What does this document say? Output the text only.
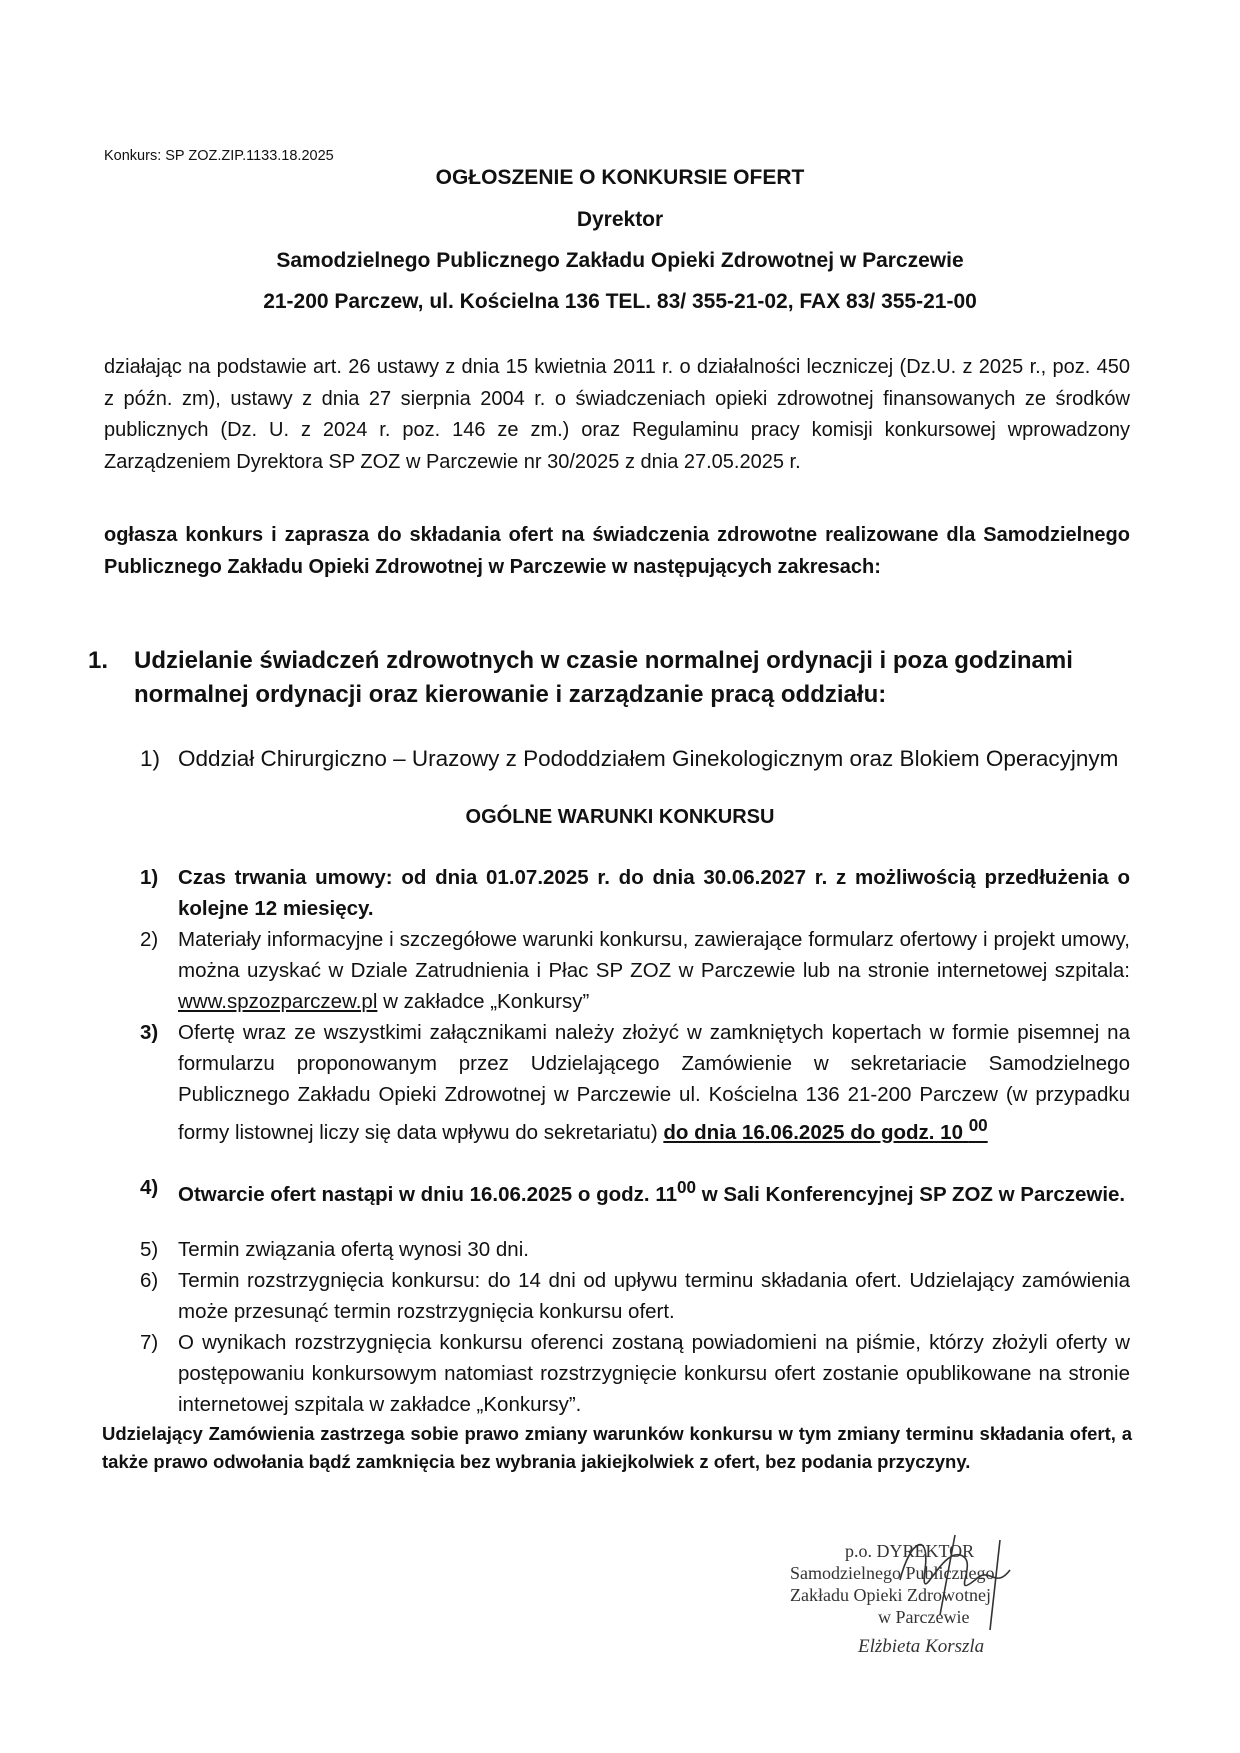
Konkurs: SP ZOZ.ZIP.1133.18.2025
OGŁOSZENIE O KONKURSIE OFERT
Dyrektor
Samodzielnego Publicznego Zakładu Opieki Zdrowotnej w Parczewie
21-200 Parczew, ul. Kościelna 136 TEL. 83/ 355-21-02, FAX 83/ 355-21-00
działając na podstawie art. 26 ustawy z dnia 15 kwietnia 2011 r. o działalności leczniczej (Dz.U. z 2025 r., poz. 450 z późn. zm), ustawy z dnia 27 sierpnia 2004 r. o świadczeniach opieki zdrowotnej finansowanych ze środków publicznych (Dz. U. z 2024 r. poz. 146 ze zm.) oraz Regulaminu pracy komisji konkursowej wprowadzony Zarządzeniem Dyrektora SP ZOZ w Parczewie nr 30/2025 z dnia 27.05.2025 r.
ogłasza konkurs i zaprasza do składania ofert na świadczenia zdrowotne realizowane dla Samodzielnego Publicznego Zakładu Opieki Zdrowotnej w Parczewie w następujących zakresach:
1. Udzielanie świadczeń zdrowotnych w czasie normalnej ordynacji i poza godzinami normalnej ordynacji oraz kierowanie i zarządzanie pracą oddziału:
1) Oddział Chirurgiczno – Urazowy z Pododdziałem Ginekologicznym oraz Blokiem Operacyjnym
OGÓLNE WARUNKI KONKURSU
1) Czas trwania umowy: od dnia 01.07.2025 r. do dnia 30.06.2027 r. z możliwością przedłużenia o kolejne 12 miesięcy.
2) Materiały informacyjne i szczegółowe warunki konkursu, zawierające formularz ofertowy i projekt umowy, można uzyskać w Dziale Zatrudnienia i Płac SP ZOZ w Parczewie lub na stronie internetowej szpitala: www.spzozparczew.pl w zakładce „Konkursy”
3) Ofertę wraz ze wszystkimi załącznikami należy złożyć w zamkniętych kopertach w formie pisemnej na formularzu proponowanym przez Udzielającego Zamówienie w sekretariacie Samodzielnego Publicznego Zakładu Opieki Zdrowotnej w Parczewie ul. Kościelna 136 21-200 Parczew (w przypadku formy listownej liczy się data wpływu do sekretariatu) do dnia 16.06.2025 do godz. 10 $^{00}$
4) Otwarcie ofert nastąpi w dniu 16.06.2025 o godz. $11^{00}$ w Sali Konferencyjnej SP ZOZ w Parczewie.
5) Termin związania ofertą wynosi 30 dni.
6) Termin rozstrzygnięcia konkursu: do 14 dni od upływu terminu składania ofert. Udzielający zamówienia może przesunąć termin rozstrzygnięcia konkursu ofert.
7) O wynikach rozstrzygnięcia konkursu oferenci zostaną powiadomieni na piśmie, którzy złożyli oferty w postępowaniu konkursowym natomiast rozstrzygnięcie konkursu ofert zostanie opublikowane na stronie internetowej szpitala w zakładce „Konkursy”.
Udzielający Zamówienia zastrzega sobie prawo zmiany warunków konkursu w tym zmiany terminu składania ofert, a także prawo odwołania bądź zamknięcia bez wybrania jakiejkolwiek z ofert, bez podania przyczyny.
p.o. DYREKTOR
Samodzielnego Publicznego
Zakładu Opieki Zdrowotnej
w Parczewie
Elżbieta Korszla
